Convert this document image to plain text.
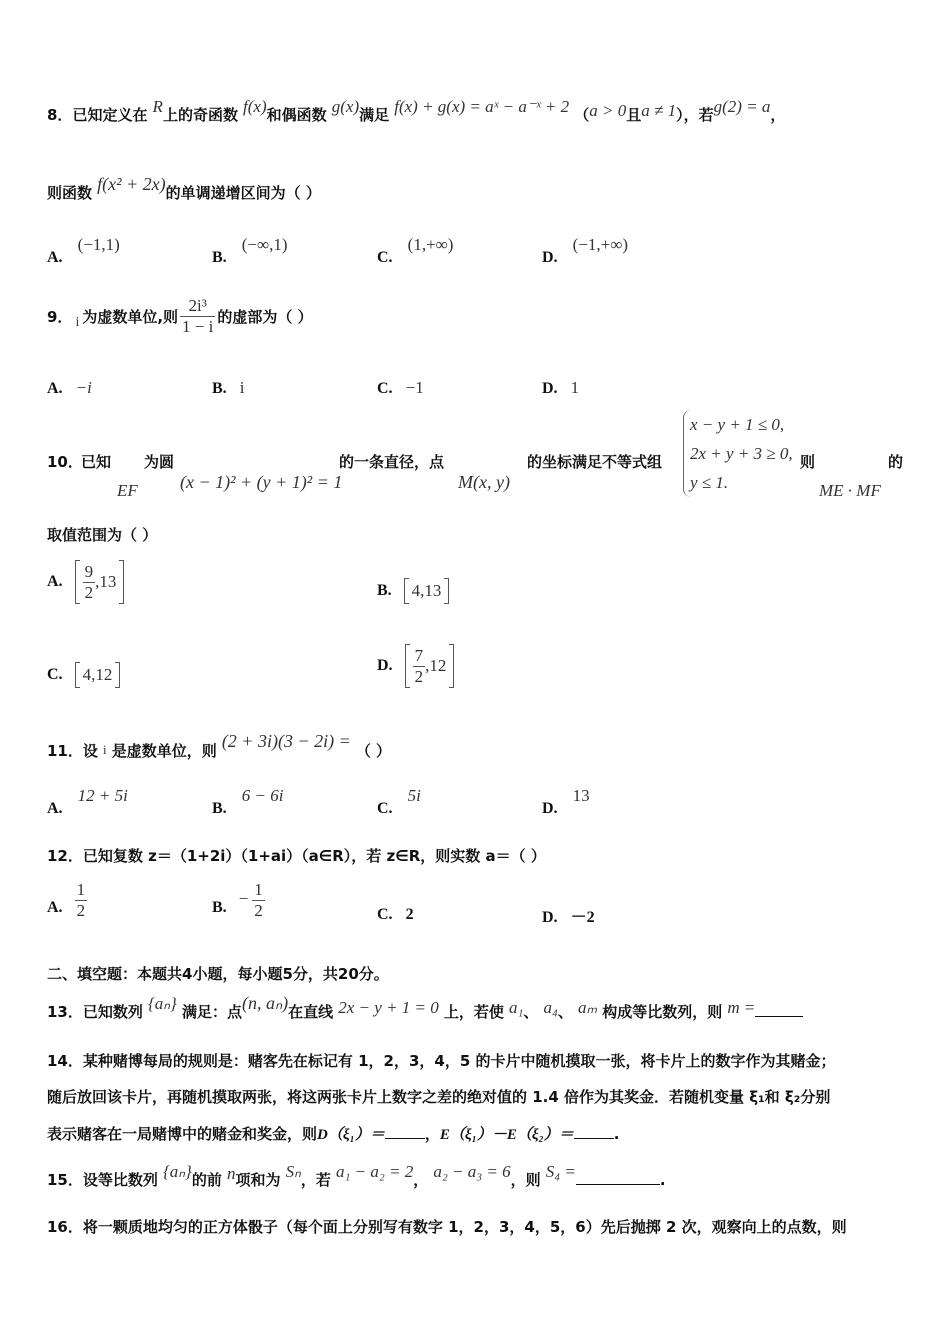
8．已知定义在 R上的奇函数 f(x)和偶函数 g(x)满足 f(x) + g(x) = aˣ − a⁻ˣ + 2 （a > 0且a ≠ 1），若g(2) = a，
则函数 f(x² + 2x)的单调递增区间为（ ）
A. (−1,1)
B. (−∞,1)
C. (1,+∞)
D. (−1,+∞)
9． i 为虚数单位,则 $\frac{\text{2i³}}{1 - i}$ 的虚部为（ ）
A. −i	B. i	C. −1	D. 1
10．
已知
EF
为圆
(x − 1)² + (y + 1)² = 1
的一条直径，点
M(x, y)
的坐标满足不等式组
x − y + 1 ≤ 0,
2x + y + 3 ≥ 0,
y ≤ 1.
则
ME · MF
的
取值范围为（ ）
A. $\frac{9}{2} ,13$	B. 4,13
C. 4,12	D. $\frac{7}{2} ,12$
11．设 i 是虚数单位，则 (2 + 3i)(3 − 2i) = （ ）
A. 12 + 5i
B. 6 − 6i
C. 5i
D. 13
12．已知复数 z＝（1+2i）（1+ai）（a∈R），若 z∈R，则实数 a＝（ ）
A. $\frac{1}{2}$	B. − $\frac{1}{2}$	C. 2	D. －2
二、填空题：本题共4小题，每小题5分，共20分。
13．已知数列 {aₙ} 满足：点(n, aₙ)在直线 2x − y + 1 = 0 上，若使 a₁、 a₄、 aₘ 构成等比数列，则 m =
14．某种赌博每局的规则是：赌客先在标记有 1，2，3，4，5 的卡片中随机摸取一张，将卡片上的数字作为其赌金；
随后放回该卡片，再随机摸取两张，将这两张卡片上数字之差的绝对值的 1.4 倍作为其奖金．若随机变量 ξ₁和 ξ₂分别
表示赌客在一局赌博中的赌金和奖金，则D（ξ₁）＝	，E（ξ₁）－E（ξ₂）＝	.
15．设等比数列 {aₙ}的前 n项和为 Sₙ，若 a₁ − a₂ = 2， a₂ − a₃ = 6，则 S₄ =	.
16．将一颗质地均匀的正方体骰子（每个面上分别写有数字 1，2，3，4，5，6）先后抛掷 2 次，观察向上的点数，则
